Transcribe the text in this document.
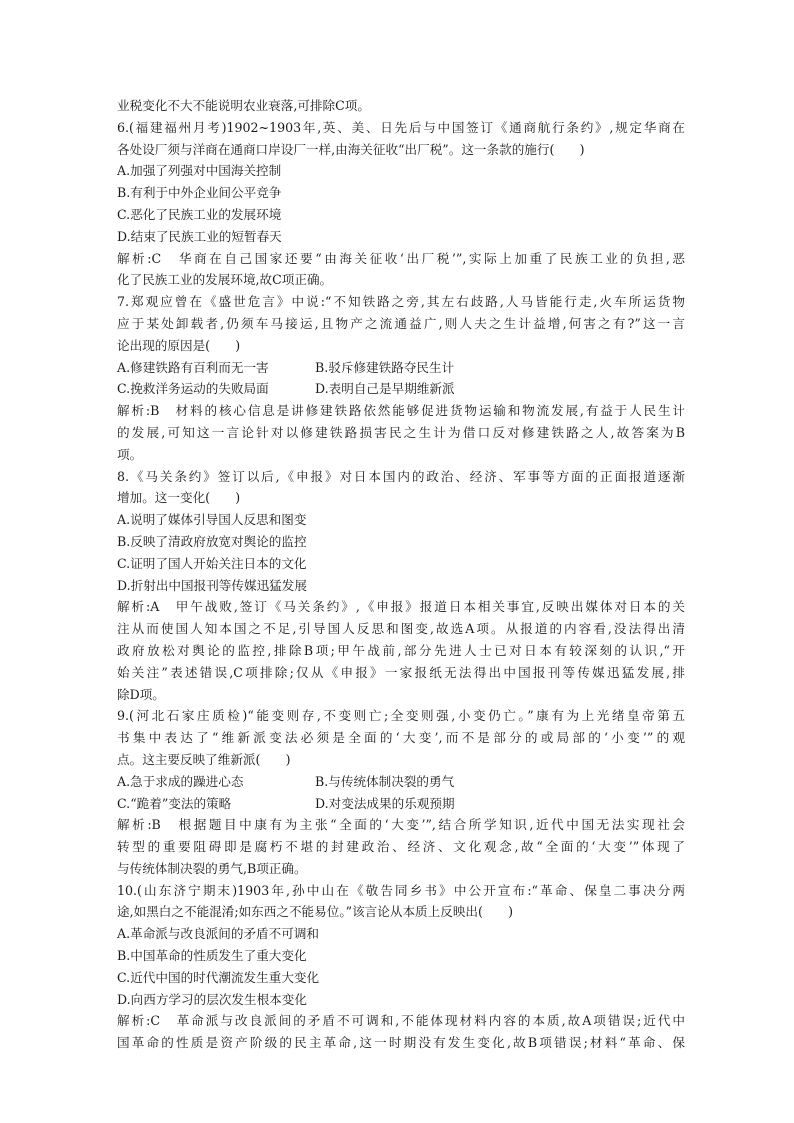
业税变化不大不能说明农业衰落,可排除C项。
6.(福建福州月考)1902~1903年,英、美、日先后与中国签订《通商航行条约》,规定华商在
各处设厂须与洋商在通商口岸设厂一样,由海关征收“出厂税”。这一条款的施行(　　)
A.加强了列强对中国海关控制
B.有利于中外企业间公平竞争
C.恶化了民族工业的发展环境
D.结束了民族工业的短暂春天
解析:C　华商在自己国家还要“由海关征收‘出厂税’”,实际上加重了民族工业的负担,恶
化了民族工业的发展环境,故C项正确。
7.郑观应曾在《盛世危言》中说:“不知铁路之旁,其左右歧路,人马皆能行走,火车所运货物
应于某处卸载者,仍须车马接运,且物产之流通益广,则人夫之生计益增,何害之有?”这一言
论出现的原因是(　　)
A.修建铁路有百利而无一害	B.驳斥修建铁路夺民生计
C.挽救洋务运动的失败局面	D.表明自己是早期维新派
解析:B　材料的核心信息是讲修建铁路依然能够促进货物运输和物流发展,有益于人民生计
的发展,可知这一言论针对以修建铁路损害民之生计为借口反对修建铁路之人,故答案为B
项。
8.《马关条约》签订以后,《申报》对日本国内的政治、经济、军事等方面的正面报道逐渐
增加。这一变化(　　)
A.说明了媒体引导国人反思和图变
B.反映了清政府放宽对舆论的监控
C.证明了国人开始关注日本的文化
D.折射出中国报刊等传媒迅猛发展
解析:A　甲午战败,签订《马关条约》,《申报》报道日本相关事宜,反映出媒体对日本的关
注从而使国人知本国之不足,引导国人反思和图变,故选A项。从报道的内容看,没法得出清
政府放松对舆论的监控,排除B项;甲午战前,部分先进人士已对日本有较深刻的认识,“开
始关注”表述错误,C项排除;仅从《申报》一家报纸无法得出中国报刊等传媒迅猛发展,排
除D项。
9.(河北石家庄质检)“能变则存,不变则亡;全变则强,小变仍亡。”康有为上光绪皇帝第五
书集中表达了“维新派变法必须是全面的‘大变’,而不是部分的或局部的‘小变’”的观
点。这主要反映了维新派(　　)
A.急于求成的躁进心态	B.与传统体制决裂的勇气
C.“跪着”变法的策略	D.对变法成果的乐观预期
解析:B　根据题目中康有为主张“全面的‘大变’”,结合所学知识,近代中国无法实现社会
转型的重要阻碍即是腐朽不堪的封建政治、经济、文化观念,故“全面的‘大变’”体现了
与传统体制决裂的勇气,B项正确。
10.(山东济宁期末)1903年,孙中山在《敬告同乡书》中公开宣布:“革命、保皇二事决分两
途,如黑白之不能混淆;如东西之不能易位。”该言论从本质上反映出(　　)
A.革命派与改良派间的矛盾不可调和
B.中国革命的性质发生了重大变化
C.近代中国的时代潮流发生重大变化
D.向西方学习的层次发生根本变化
解析:C　革命派与改良派间的矛盾不可调和,不能体现材料内容的本质,故A项错误;近代中
国革命的性质是资产阶级的民主革命,这一时期没有发生变化,故B项错误;材料“革命、保
